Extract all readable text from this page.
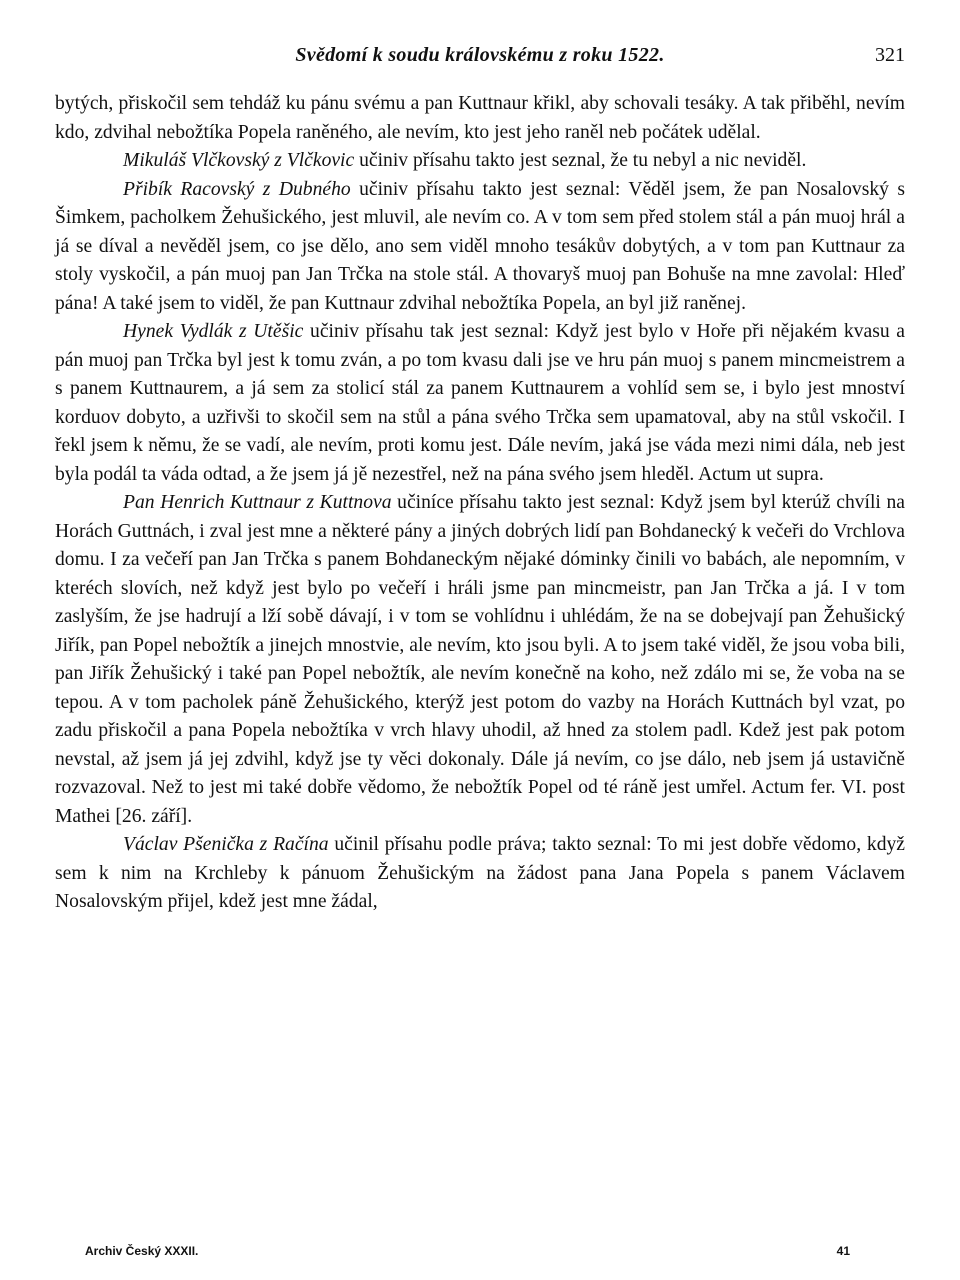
Svědomí k soudu královskému z roku 1522.	321

bytých, přiskočil sem tehdáž ku pánu svému a pan Kuttnaur křikl, aby schovali tesáky. A tak přiběhl, nevím kdo, zdvihal nebožtíka Popela raněného, ale nevím, kto jest jeho raněl neb počátek udělal.

Mikuláš Vlčkovský z Vlčkovic učiniv přísahu takto jest seznal, že tu nebyl a nic neviděl.

Přibík Racovský z Dubného učiniv přísahu takto jest seznal: Věděl jsem, že pan Nosalovský s Šimkem, pacholkem Žehušického, jest mluvil, ale nevím co. A v tom sem před stolem stál a pán muoj hrál a já se díval a nevěděl jsem, co jse dělo, ano sem viděl mnoho tesákův dobytých, a v tom pan Kuttnaur za stoly vyskočil, a pán muoj pan Jan Trčka na stole stál. A thovaryš muoj pan Bohuše na mne zavolal: Hleď pána! A také jsem to viděl, že pan Kuttnaur zdvihal nebožtíka Popela, an byl již raněnej.

Hynek Vydlák z Utěšic učiniv přísahu tak jest seznal: Když jest bylo v Hoře při nějakém kvasu a pán muoj pan Trčka byl jest k tomu zván, a po tom kvasu dali jse ve hru pán muoj s panem mincmeistrem a s panem Kuttnaurem, a já sem za stolicí stál za panem Kuttnaurem a vohlíd sem se, i bylo jest mnoství korduov dobyto, a uzřivši to skočil sem na stůl a pána svého Trčka sem upamatoval, aby na stůl vskočil. I řekl jsem k němu, že se vadí, ale nevím, proti komu jest. Dále nevím, jaká jse váda mezi nimi dála, neb jest byla podál ta váda odtad, a že jsem já jě nezestřel, než na pána svého jsem hleděl. Actum ut supra.

Pan Henrich Kuttnaur z Kuttnova učiníce přísahu takto jest seznal: Když jsem byl kterúž chvíli na Horách Guttnách, i zval jest mne a některé pány a jiných dobrých lidí pan Bohdanecký k večeři do Vrchlova domu. I za večeří pan Jan Trčka s panem Bohdaneckým nějaké dóminky činili vo babách, ale nepomním, v kteréch slovích, než když jest bylo po večeří i hráli jsme pan mincmeistr, pan Jan Trčka a já. I v tom zaslyším, že jse hadrují a lží sobě dávají, i v tom se vohlídnu i uhlédám, že na se dobejvají pan Žehušický Jiřík, pan Popel nebožtík a jinejch mnostvie, ale nevím, kto jsou byli. A to jsem také viděl, že jsou voba bili, pan Jiřík Žehušický i také pan Popel nebožtík, ale nevím konečně na koho, než zdálo mi se, že voba na se tepou. A v tom pacholek páně Žehušického, kterýž jest potom do vazby na Horách Kuttnách byl vzat, po zadu přiskočil a pana Popela nebožtíka v vrch hlavy uhodil, až hned za stolem padl. Kdež jest pak potom nevstal, až jsem já jej zdvihl, když jse ty věci dokonaly. Dále já nevím, co jse dálo, neb jsem já ustavičně rozvazoval. Než to jest mi také dobře vědomo, že nebožtík Popel od té ráně jest umřel. Actum fer. VI. post Mathei [26. září].

Václav Pšenička z Račína učinil přísahu podle práva; takto seznal: To mi jest dobře vědomo, když sem k nim na Krchleby k pánuom Žehušickým na žádost pana Jana Popela s panem Václavem Nosalovským přijel, kdež jest mne žádal,

Archiv Český XXXII.	41
